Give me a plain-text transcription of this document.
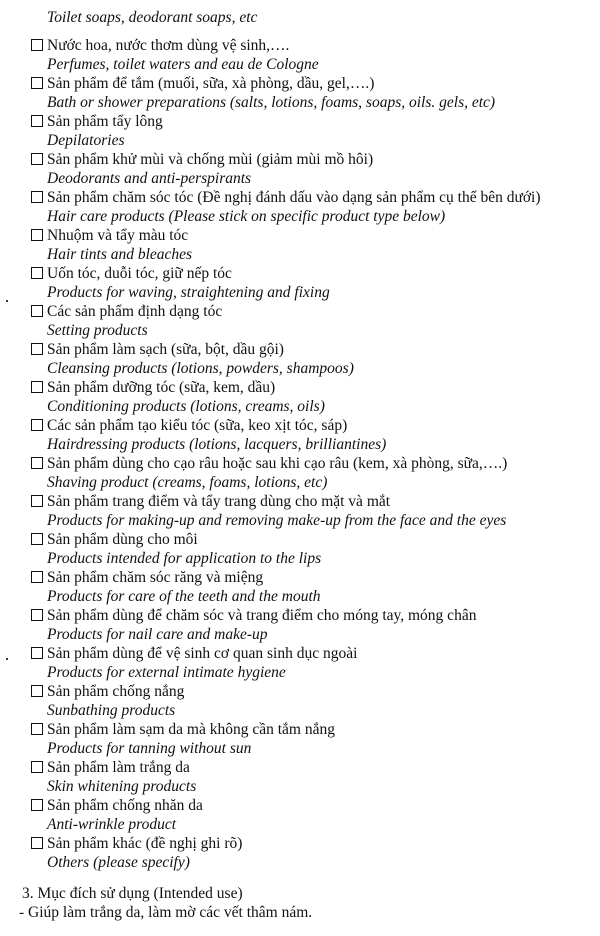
Toilet soaps, deodorant soaps, etc
Nước hoa, nước thơm dùng vệ sinh,….
Perfumes, toilet waters and eau de Cologne
Sản phẩm để tắm (muối, sữa, xà phòng, dầu, gel,….)
Bath or shower preparations (salts, lotions, foams, soaps, oils. gels, etc)
Sản phẩm tẩy lông
Depilatories
Sản phẩm khử mùi và chống mùi (giảm mùi mồ hôi)
Deodorants and anti-perspirants
Sản phẩm chăm sóc tóc (Đề nghị đánh dấu vào dạng sản phẩm cụ thể bên dưới)
Hair care products (Please stick on specific product type below)
Nhuộm và tẩy màu tóc
Hair tints and bleaches
Uốn tóc, duỗi tóc, giữ nếp tóc
Products for waving, straightening and fixing
Các sản phẩm định dạng tóc
Setting products
Sản phẩm làm sạch (sữa, bột, dầu gội)
Cleansing products (lotions, powders, shampoos)
Sản phẩm dưỡng tóc (sữa, kem, dầu)
Conditioning products (lotions, creams, oils)
Các sản phẩm tạo kiểu tóc (sữa, keo xịt tóc, sáp)
Hairdressing products (lotions, lacquers, brilliantines)
Sản phẩm dùng cho cạo râu hoặc sau khi cạo râu (kem, xà phòng, sữa,….)
Shaving product (creams, foams, lotions, etc)
Sản phẩm trang điểm và tẩy trang dùng cho mặt và mắt
Products for making-up and removing make-up from the face and the eyes
Sản phẩm dùng cho môi
Products intended for application to the lips
Sản phẩm chăm sóc răng và miệng
Products for care of the teeth and the mouth
Sản phẩm dùng để chăm sóc và trang điểm cho móng tay, móng chân
Products for nail care and make-up
Sản phẩm dùng để vệ sinh cơ quan sinh dục ngoài
Products for external intimate hygiene
Sản phẩm chống nắng
Sunbathing products
Sản phẩm làm sạm da mà không cần tắm nắng
Products for tanning without sun
Sản phẩm làm trắng da
Skin whitening products
Sản phẩm chống nhăn da
Anti-wrinkle product
Sản phẩm khác (đề nghị ghi rõ)
Others (please specify)
3. Mục đích sử dụng (Intended use)
- Giúp làm trắng da, làm mờ các vết thâm nám.
